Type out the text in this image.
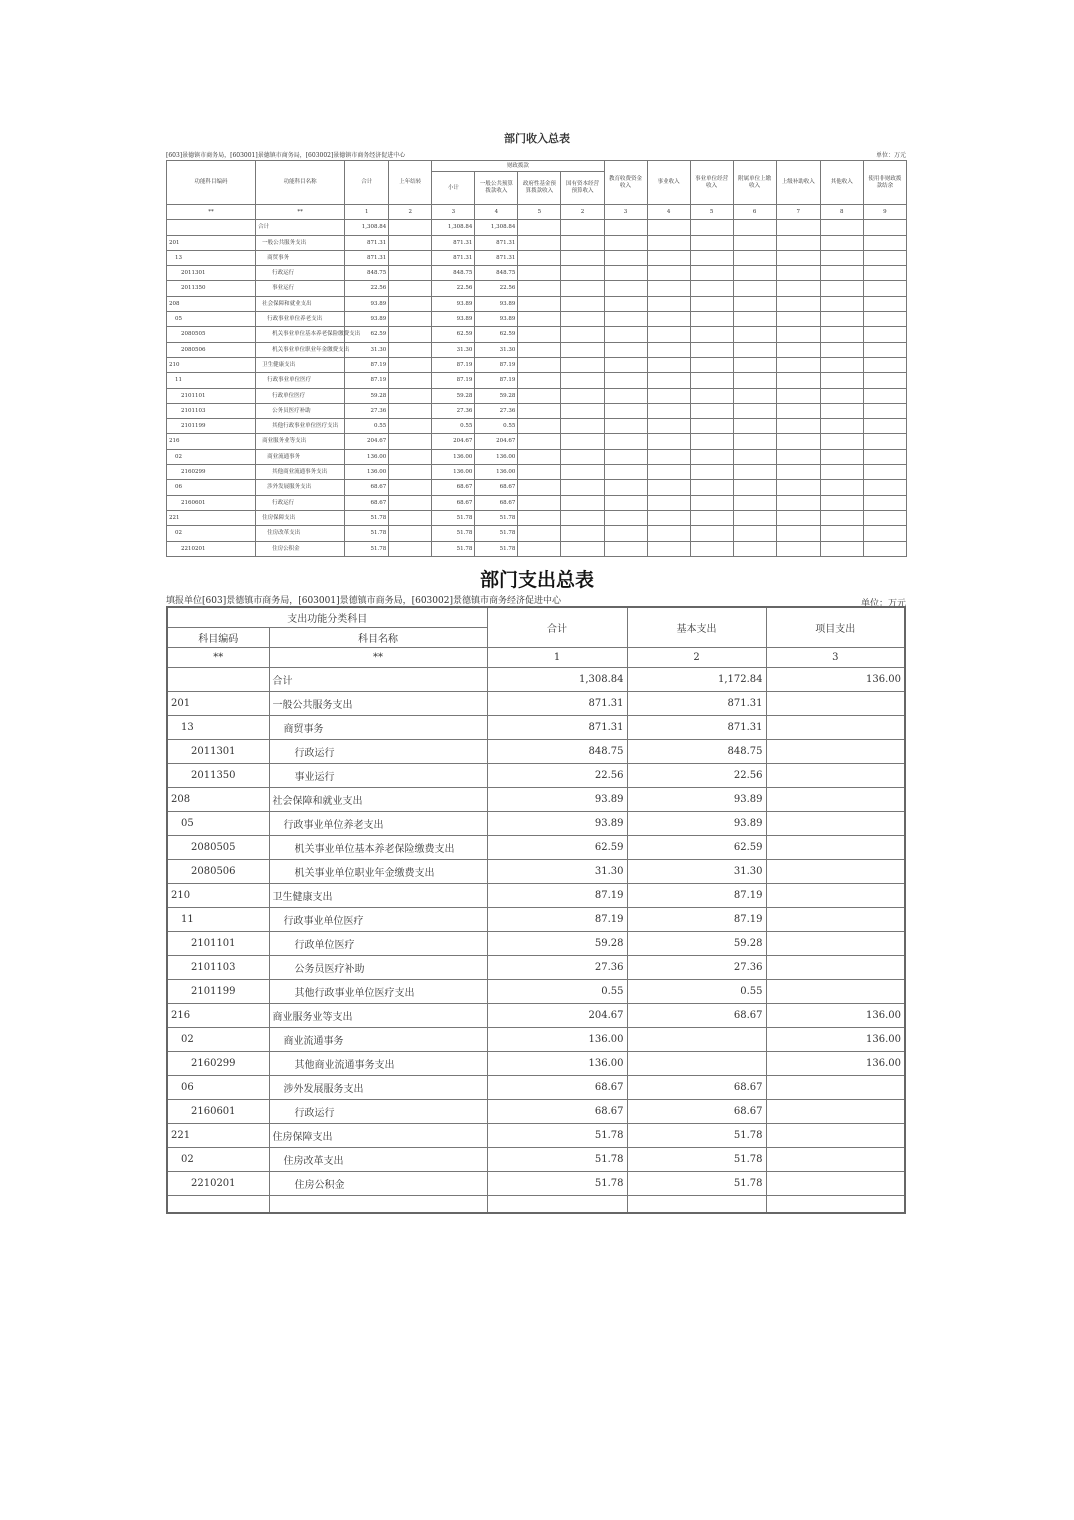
部门收入总表
[603]景德镇市商务局，[603001]景德镇市商务局，[603002]景德镇市商务经济促进中心	单位：万元
功能科目编码	功能科目名称	合计	上年结转	财政拨款				教育收费资金收入	事业收入	事业单位经营收入	附属单位上缴收入	上级补助收入	其他收入	使用非财政拨款结余
				小计	一般公共预算拨款收入	政府性基金预算拨款收入	国有资本经营预算收入							
**	**	1	2	3	4	5	2	3	4	5	6	7	8	9
	合计	1,308.84		1,308.84	1,308.84									
201	一般公共服务支出	871.31		871.31	871.31									
13	商贸事务	871.31		871.31	871.31									
2011301	行政运行	848.75		848.75	848.75									
2011350	事业运行	22.56		22.56	22.56									
208	社会保障和就业支出	93.89		93.89	93.89									
05	行政事业单位养老支出	93.89		93.89	93.89									
2080505	机关事业单位基本养老保险缴费支出	62.59		62.59	62.59									
2080506	机关事业单位职业年金缴费支出	31.30		31.30	31.30									
210	卫生健康支出	87.19		87.19	87.19									
11	行政事业单位医疗	87.19		87.19	87.19									
2101101	行政单位医疗	59.28		59.28	59.28									
2101103	公务员医疗补助	27.36		27.36	27.36									
2101199	其他行政事业单位医疗支出	0.55		0.55	0.55									
216	商业服务业等支出	204.67		204.67	204.67									
02	商业流通事务	136.00		136.00	136.00									
2160299	其他商业流通事务支出	136.00		136.00	136.00									
06	涉外发展服务支出	68.67		68.67	68.67									
2160601	行政运行	68.67		68.67	68.67									
221	住房保障支出	51.78		51.78	51.78									
02	住房改革支出	51.78		51.78	51.78									
2210201	住房公积金	51.78		51.78	51.78									
部门支出总表
填报单位[603]景德镇市商务局，[603001]景德镇市商务局，[603002]景德镇市商务经济促进中心	单位：万元
支出功能分类科目		合计	基本支出	项目支出
科目编码	科目名称			
**	**	1	2	3
	合计	1,308.84	1,172.84	136.00
201	一般公共服务支出	871.31	871.31	
13	商贸事务	871.31	871.31	
2011301	行政运行	848.75	848.75	
2011350	事业运行	22.56	22.56	
208	社会保障和就业支出	93.89	93.89	
05	行政事业单位养老支出	93.89	93.89	
2080505	机关事业单位基本养老保险缴费支出	62.59	62.59	
2080506	机关事业单位职业年金缴费支出	31.30	31.30	
210	卫生健康支出	87.19	87.19	
11	行政事业单位医疗	87.19	87.19	
2101101	行政单位医疗	59.28	59.28	
2101103	公务员医疗补助	27.36	27.36	
2101199	其他行政事业单位医疗支出	0.55	0.55	
216	商业服务业等支出	204.67	68.67	136.00
02	商业流通事务	136.00		136.00
2160299	其他商业流通事务支出	136.00		136.00
06	涉外发展服务支出	68.67	68.67	
2160601	行政运行	68.67	68.67	
221	住房保障支出	51.78	51.78	
02	住房改革支出	51.78	51.78	
2210201	住房公积金	51.78	51.78	
